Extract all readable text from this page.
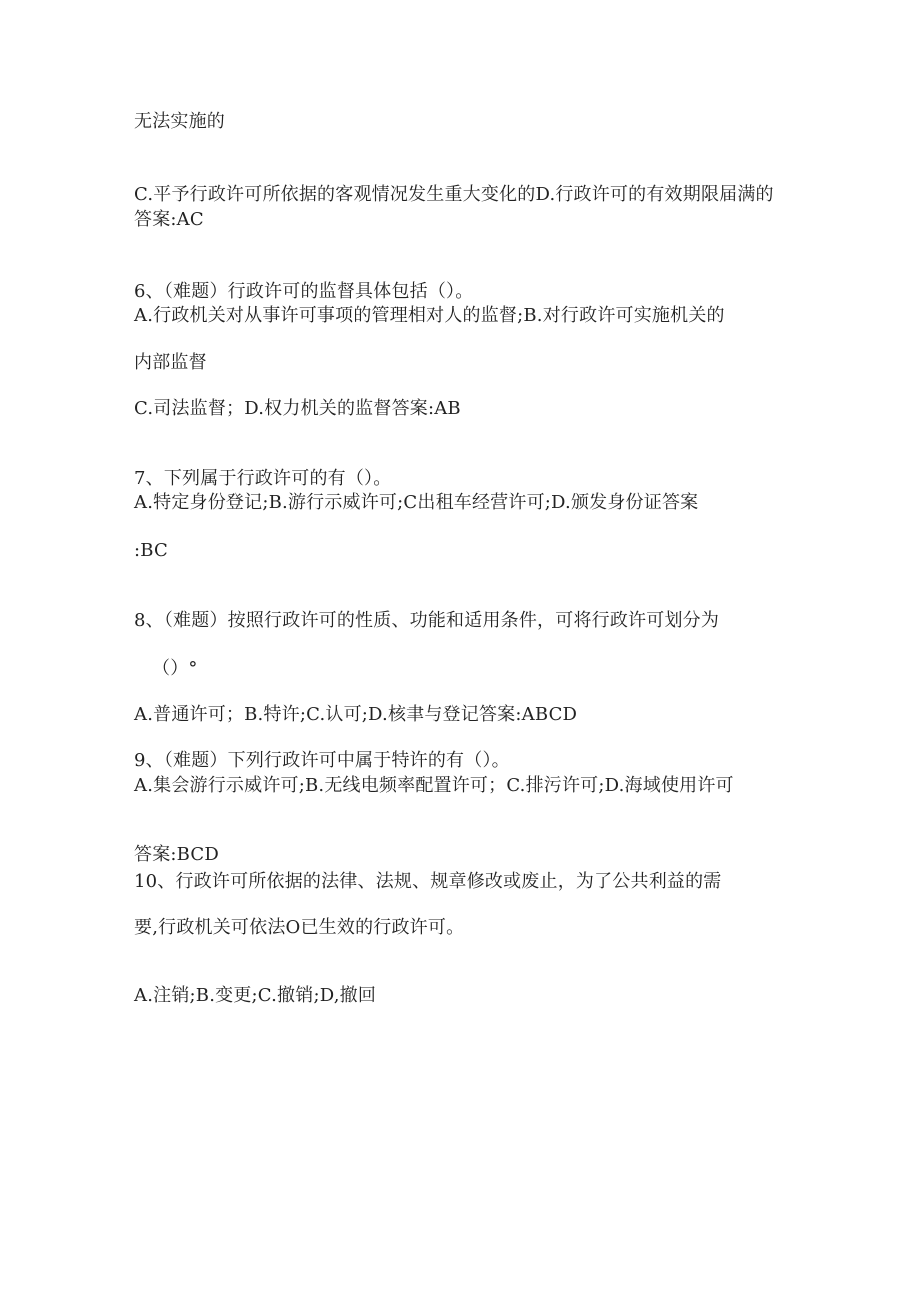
无法实施的
C.平予行政许可所依据的客观情况发生重大变化的D.行政许可的有效期限届满的
答案:AC
6、（难题）行政许可的监督具体包括（）。
A.行政机关对从事许可事项的管理相对人的监督;B.对行政许可实施机关的
内部监督
C.司法监督；D.权力机关的监督答案:AB
7、下列属于行政许可的有（）。
A.特定身份登记;B.游行示威许可;C出租车经营许可;D.颁发身份证答案
:BC
8、（难题）按照行政许可的性质、功能和适用条件，可将行政许可划分为
（）°
A.普通许可；B.特许;C.认可;D.核聿与登记答案:ABCD
9、（难题）下列行政许可中属于特许的有（）。
A.集会游行示威许可;B.无线电频率配置许可；C.排污许可;D.海域使用许可
答案:BCD
10、行政许可所依据的法律、法规、规章修改或废止，为了公共利益的需
要,行政机关可依法O已生效的行政许可。
A.注销;B.变更;C.撤销;D,撤回
